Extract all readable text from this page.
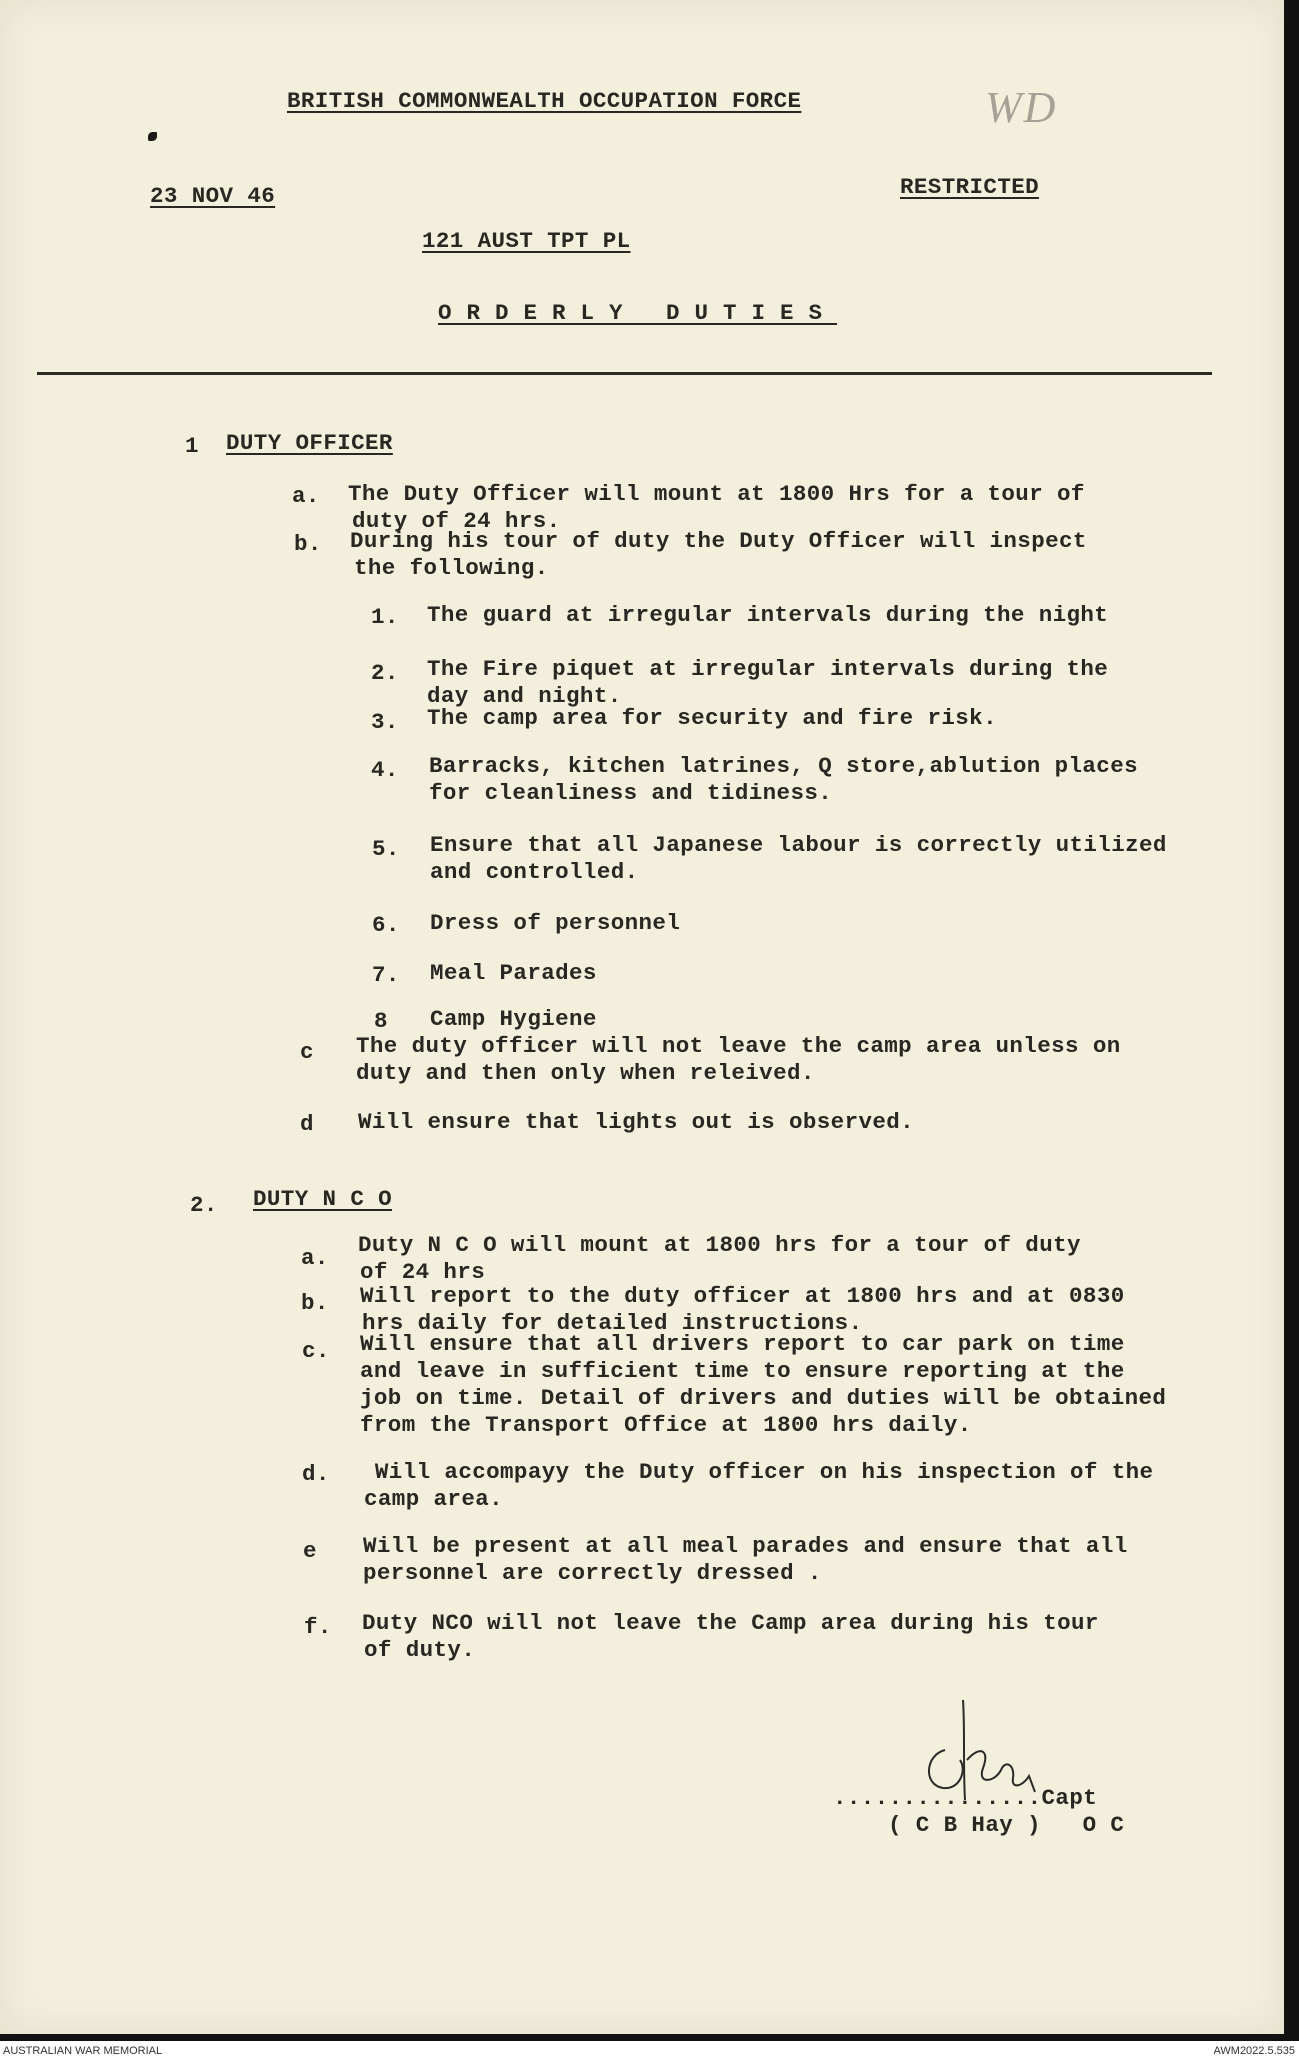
WD

BRITISH COMMONWEALTH OCCUPATION FORCE

23 NOV 46	RESTRICTED

121 AUST TPT PL

ORDERLY DUTIES

1 DUTY OFFICER

a. The Duty Officer will mount at 1800 Hrs for a tour of

duty of 24 hrs.

b. During his tour of duty the Duty Officer will inspect

the following.

1. The guard at irregular intervals during the night

2. The Fire piquet at irregular intervals during the

day and night.

3. The camp area for security and fire risk.

4. Barracks, kitchen latrines, Q store,ablution places

for cleanliness and tidiness.

5. Ensure that all Japanese labour is correctly utilized

and controlled.

6. Dress of personnel

7. Meal Parades

8 Camp Hygiene

c The duty officer will not leave the camp area unless on

duty and then only when releived.

d Will ensure that lights out is observed.

2. DUTY N C O

a. Duty N C O will mount at 1800 hrs for a tour of duty

of 24 hrs

b. Will report to the duty officer at 1800 hrs and at 0830

hrs daily for detailed instructions.

c. Will ensure that all drivers report to car park on time

and leave in sufficient time to ensure reporting at the

job on time. Detail of drivers and duties will be obtained

from the Transport Office at 1800 hrs daily.

d. Will accompayy the Duty officer on his inspection of the

camp area.

e Will be present at all meal parades and ensure that all

personnel are correctly dressed .

f. Duty NCO will not leave the Camp area during his tour

of duty.

...............Capt

( C B Hay )   O C

AUSTRALIAN WAR MEMORIAL	AWM2022.5.535
